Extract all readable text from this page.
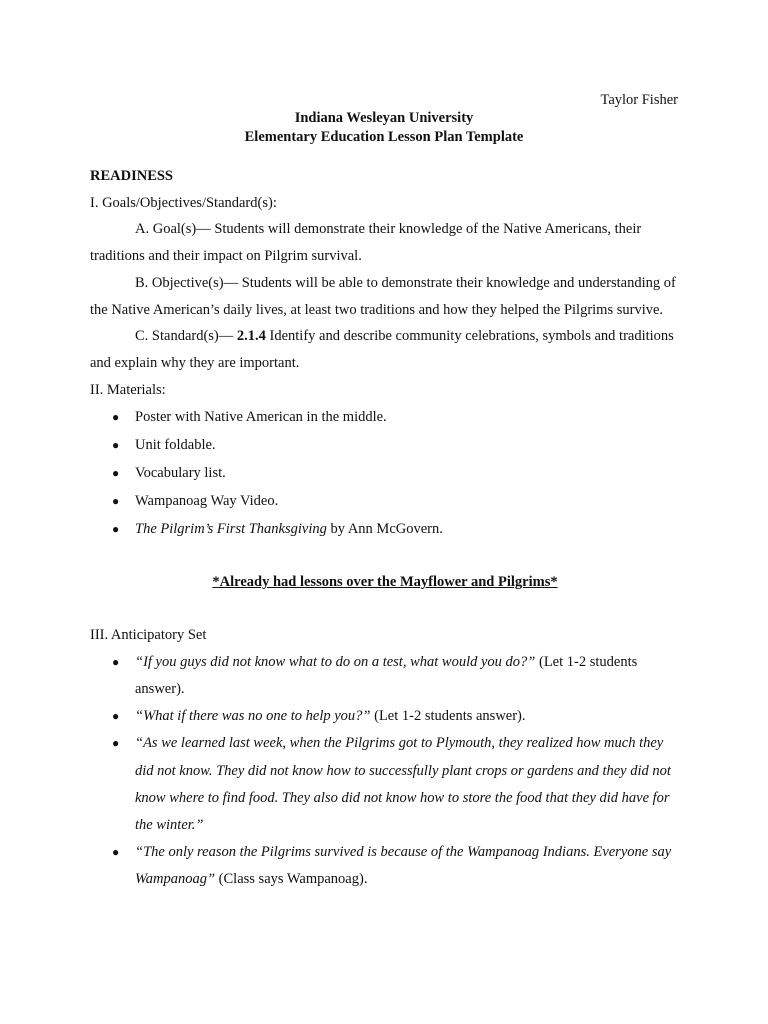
Taylor Fisher
Indiana Wesleyan University
Elementary Education Lesson Plan Template
READINESS
I. Goals/Objectives/Standard(s):
A. Goal(s)— Students will demonstrate their knowledge of the Native Americans, their traditions and their impact on Pilgrim survival.
B. Objective(s)— Students will be able to demonstrate their knowledge and understanding of the Native American’s daily lives, at least two traditions and how they helped the Pilgrims survive.
C. Standard(s)— 2.1.4 Identify and describe community celebrations, symbols and traditions and explain why they are important.
II. Materials:
● Poster with Native American in the middle.
● Unit foldable.
● Vocabulary list.
● Wampanoag Way Video.
● The Pilgrim’s First Thanksgiving by Ann McGovern.
*Already had lessons over the Mayflower and Pilgrims*
III. Anticipatory Set
● “If you guys did not know what to do on a test, what would you do?” (Let 1-2 students answer).
● “What if there was no one to help you?” (Let 1-2 students answer).
● “As we learned last week, when the Pilgrims got to Plymouth, they realized how much they did not know. They did not know how to successfully plant crops or gardens and they did not know where to find food. They also did not know how to store the food that they did have for the winter.”
● “The only reason the Pilgrims survived is because of the Wampanoag Indians. Everyone say Wampanoag” (Class says Wampanoag).
